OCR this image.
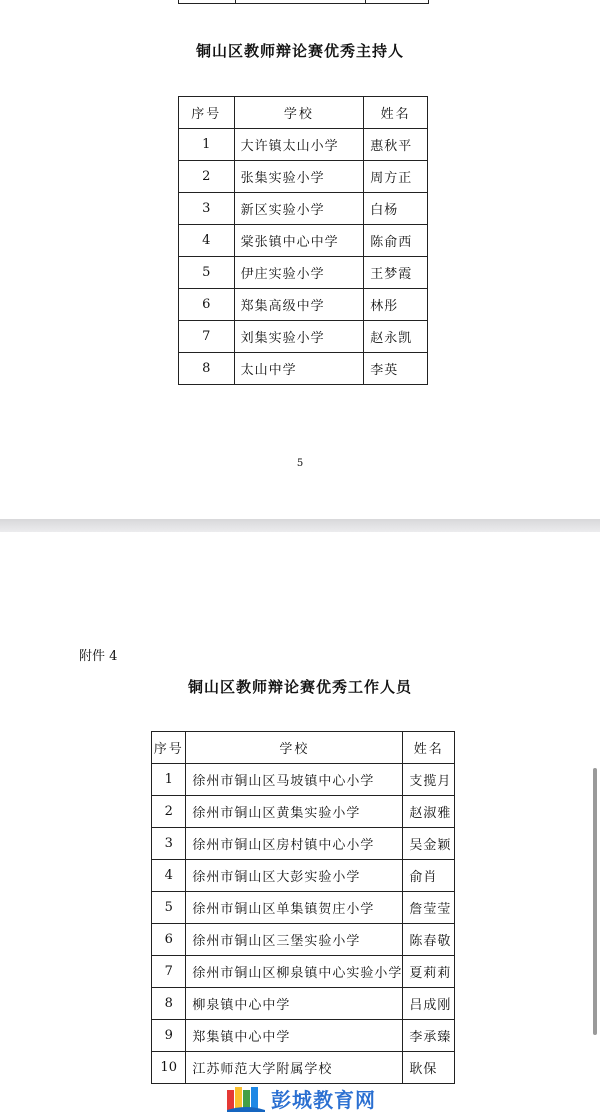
铜山区教师辩论赛优秀主持人
序号	学校	姓名
1	大许镇太山小学	惠秋平
2	张集实验小学	周方正
3	新区实验小学	白杨
4	棠张镇中心中学	陈俞西
5	伊庄实验小学	王梦霞
6	郑集高级中学	林彤
7	刘集实验小学	赵永凯
8	太山中学	李英
5
附件 4
铜山区教师辩论赛优秀工作人员
序号	学校	姓名
1	徐州市铜山区马坡镇中心小学	支揽月
2	徐州市铜山区黄集实验小学	赵淑雅
3	徐州市铜山区房村镇中心小学	吴金颖
4	徐州市铜山区大彭实验小学	俞肖
5	徐州市铜山区单集镇贺庄小学	詹莹莹
6	徐州市铜山区三堡实验小学	陈春敬
7	徐州市铜山区柳泉镇中心实验小学	夏莉莉
8	柳泉镇中心中学	吕成刚
9	郑集镇中心中学	李承臻
10	江苏师范大学附属学校	耿保
彭城教育网
